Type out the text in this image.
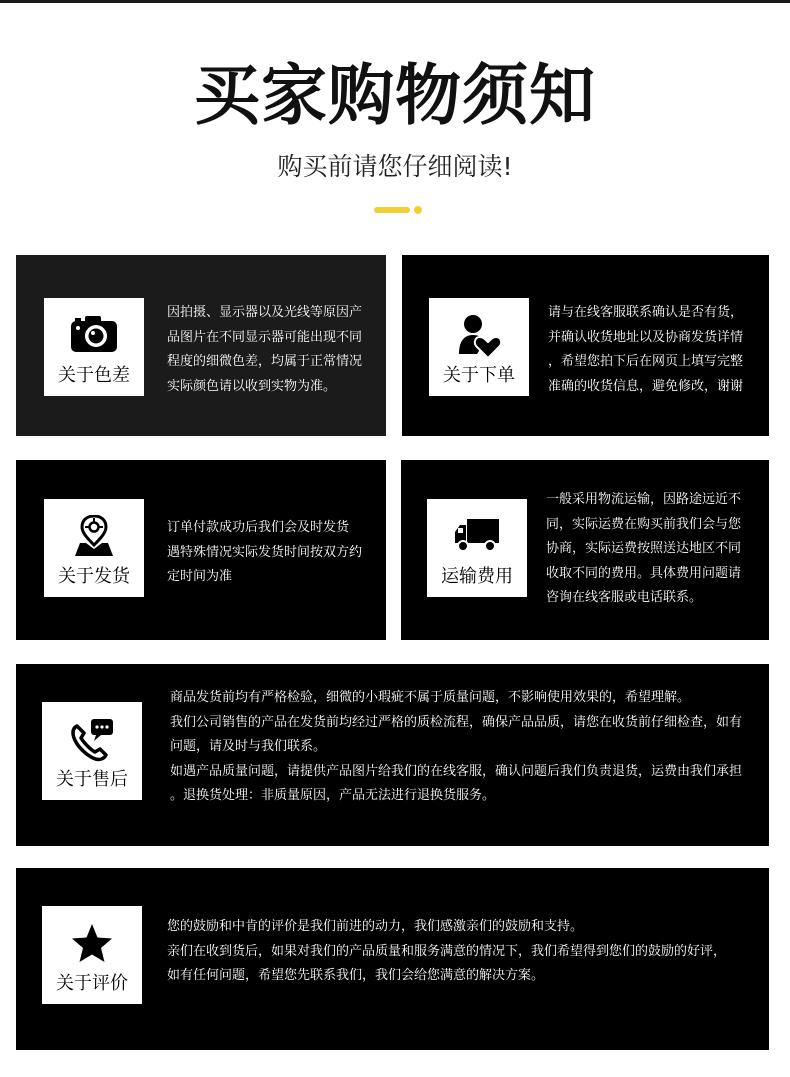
买家购物须知
购买前请您仔细阅读!
关于色差
因拍摄、显示器以及光线等原因产
品图片在不同显示器可能出现不同
程度的细微色差，均属于正常情况
实际颜色请以收到实物为准。	关于下单
请与在线客服联系确认是否有货，
并确认收货地址以及协商发货详情
，希望您拍下后在网页上填写完整
准确的收货信息，避免修改，谢谢
关于发货
订单付款成功后我们会及时发货
遇特殊情况实际发货时间按双方约
定时间为准	运输费用
一般采用物流运输，因路途远近不
同，实际运费在购买前我们会与您
协商，实际运费按照送达地区不同
收取不同的费用。具体费用问题请
咨询在线客服或电话联系。
关于售后
商品发货前均有严格检验，细微的小瑕疵不属于质量问题，不影响使用效果的，希望理解。
我们公司销售的产品在发货前均经过严格的质检流程，确保产品品质，请您在收货前仔细检查，如有
问题，请及时与我们联系。
如遇产品质量问题，请提供产品图片给我们的在线客服，确认问题后我们负责退货，运费由我们承担
。退换货处理：非质量原因，产品无法进行退换货服务。
关于评价
您的鼓励和中肯的评价是我们前进的动力，我们感激亲们的鼓励和支持。
亲们在收到货后，如果对我们的产品质量和服务满意的情况下，我们希望得到您们的鼓励的好评，
如有任何问题，希望您先联系我们，我们会给您满意的解决方案。
